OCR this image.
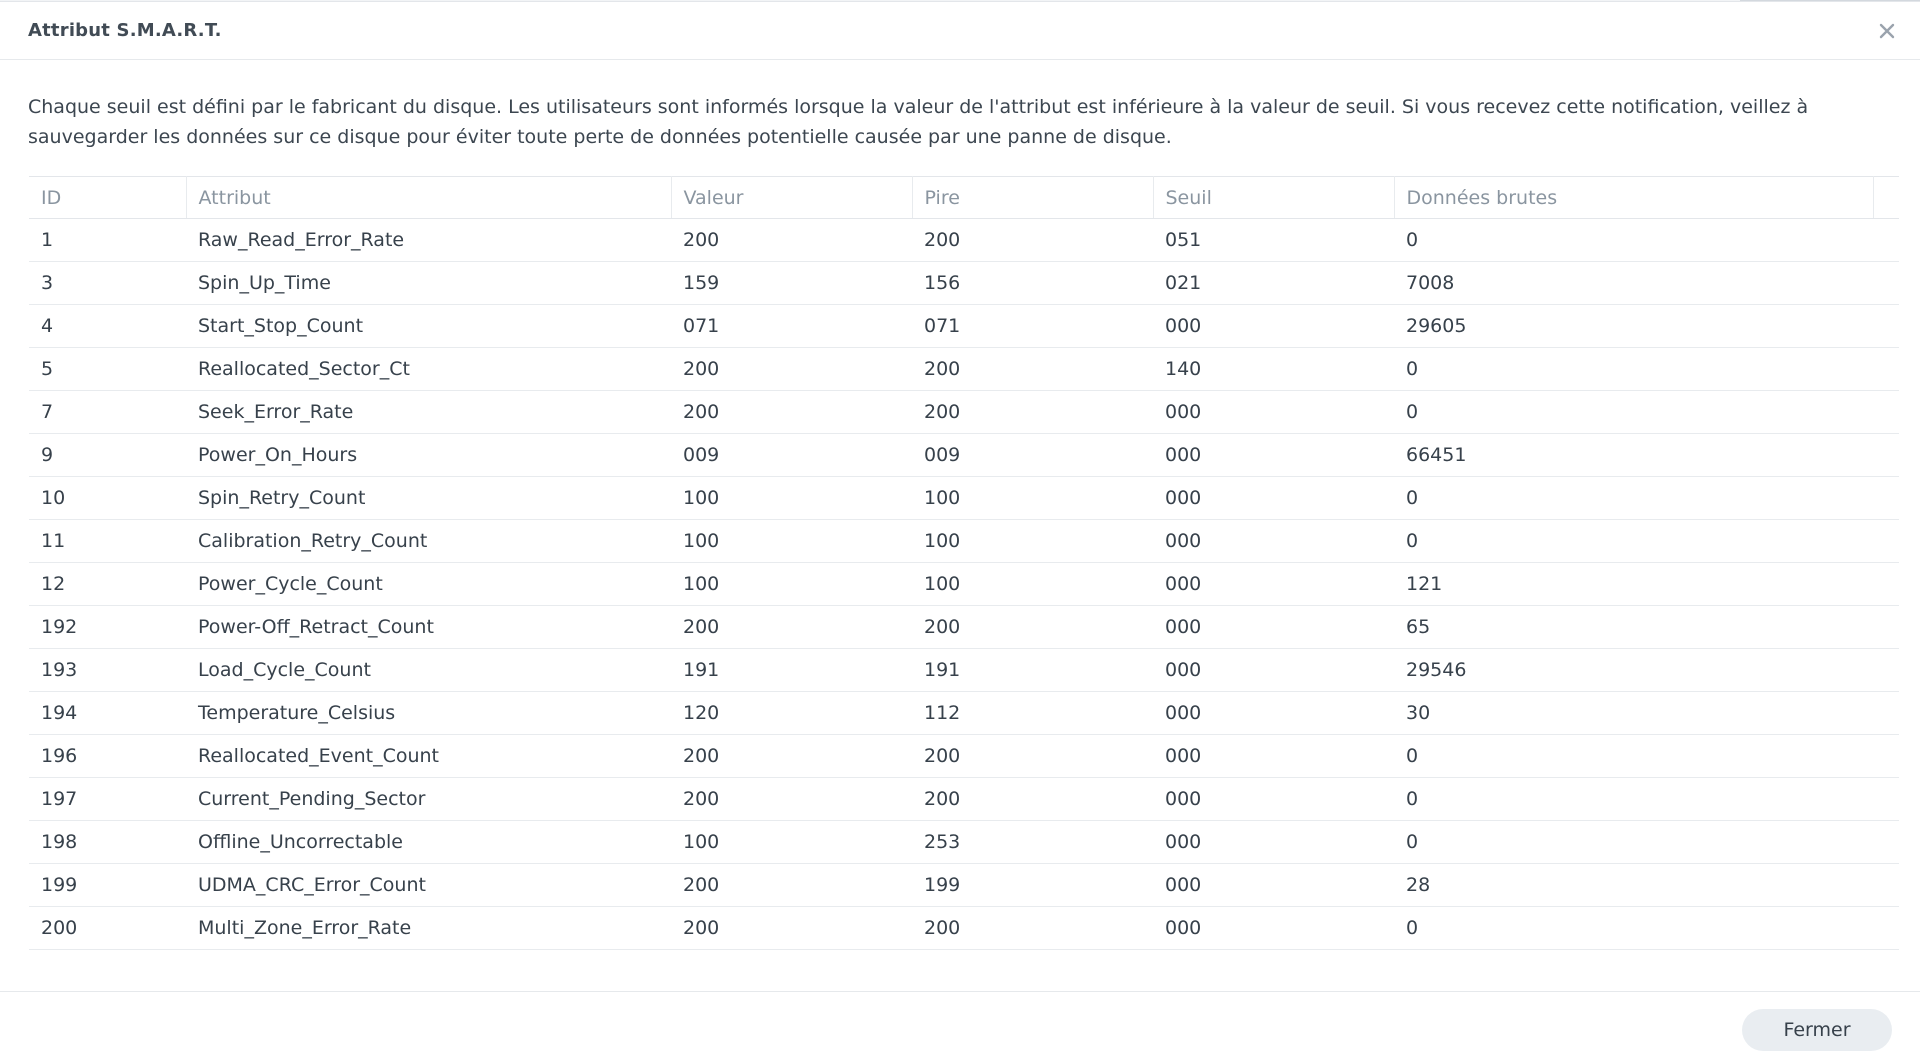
Attribut S.M.A.R.T.

Chaque seuil est défini par le fabricant du disque. Les utilisateurs sont informés lorsque la valeur de l'attribut est inférieure à la valeur de seuil. Si vous recevez cette notification, veillez à sauvegarder les données sur ce disque pour éviter toute perte de données potentielle causée par une panne de disque.

ID	Attribut	Valeur	Pire	Seuil	Données brutes	
1	Raw_Read_Error_Rate	200	200	051	0	
3	Spin_Up_Time	159	156	021	7008	
4	Start_Stop_Count	071	071	000	29605	
5	Reallocated_Sector_Ct	200	200	140	0	
7	Seek_Error_Rate	200	200	000	0	
9	Power_On_Hours	009	009	000	66451	
10	Spin_Retry_Count	100	100	000	0	
11	Calibration_Retry_Count	100	100	000	0	
12	Power_Cycle_Count	100	100	000	121	
192	Power-Off_Retract_Count	200	200	000	65	
193	Load_Cycle_Count	191	191	000	29546	
194	Temperature_Celsius	120	112	000	30	
196	Reallocated_Event_Count	200	200	000	0	
197	Current_Pending_Sector	200	200	000	0	
198	Offline_Uncorrectable	100	253	000	0	
199	UDMA_CRC_Error_Count	200	199	000	28	
200	Multi_Zone_Error_Rate	200	200	000	0	
Fermer
